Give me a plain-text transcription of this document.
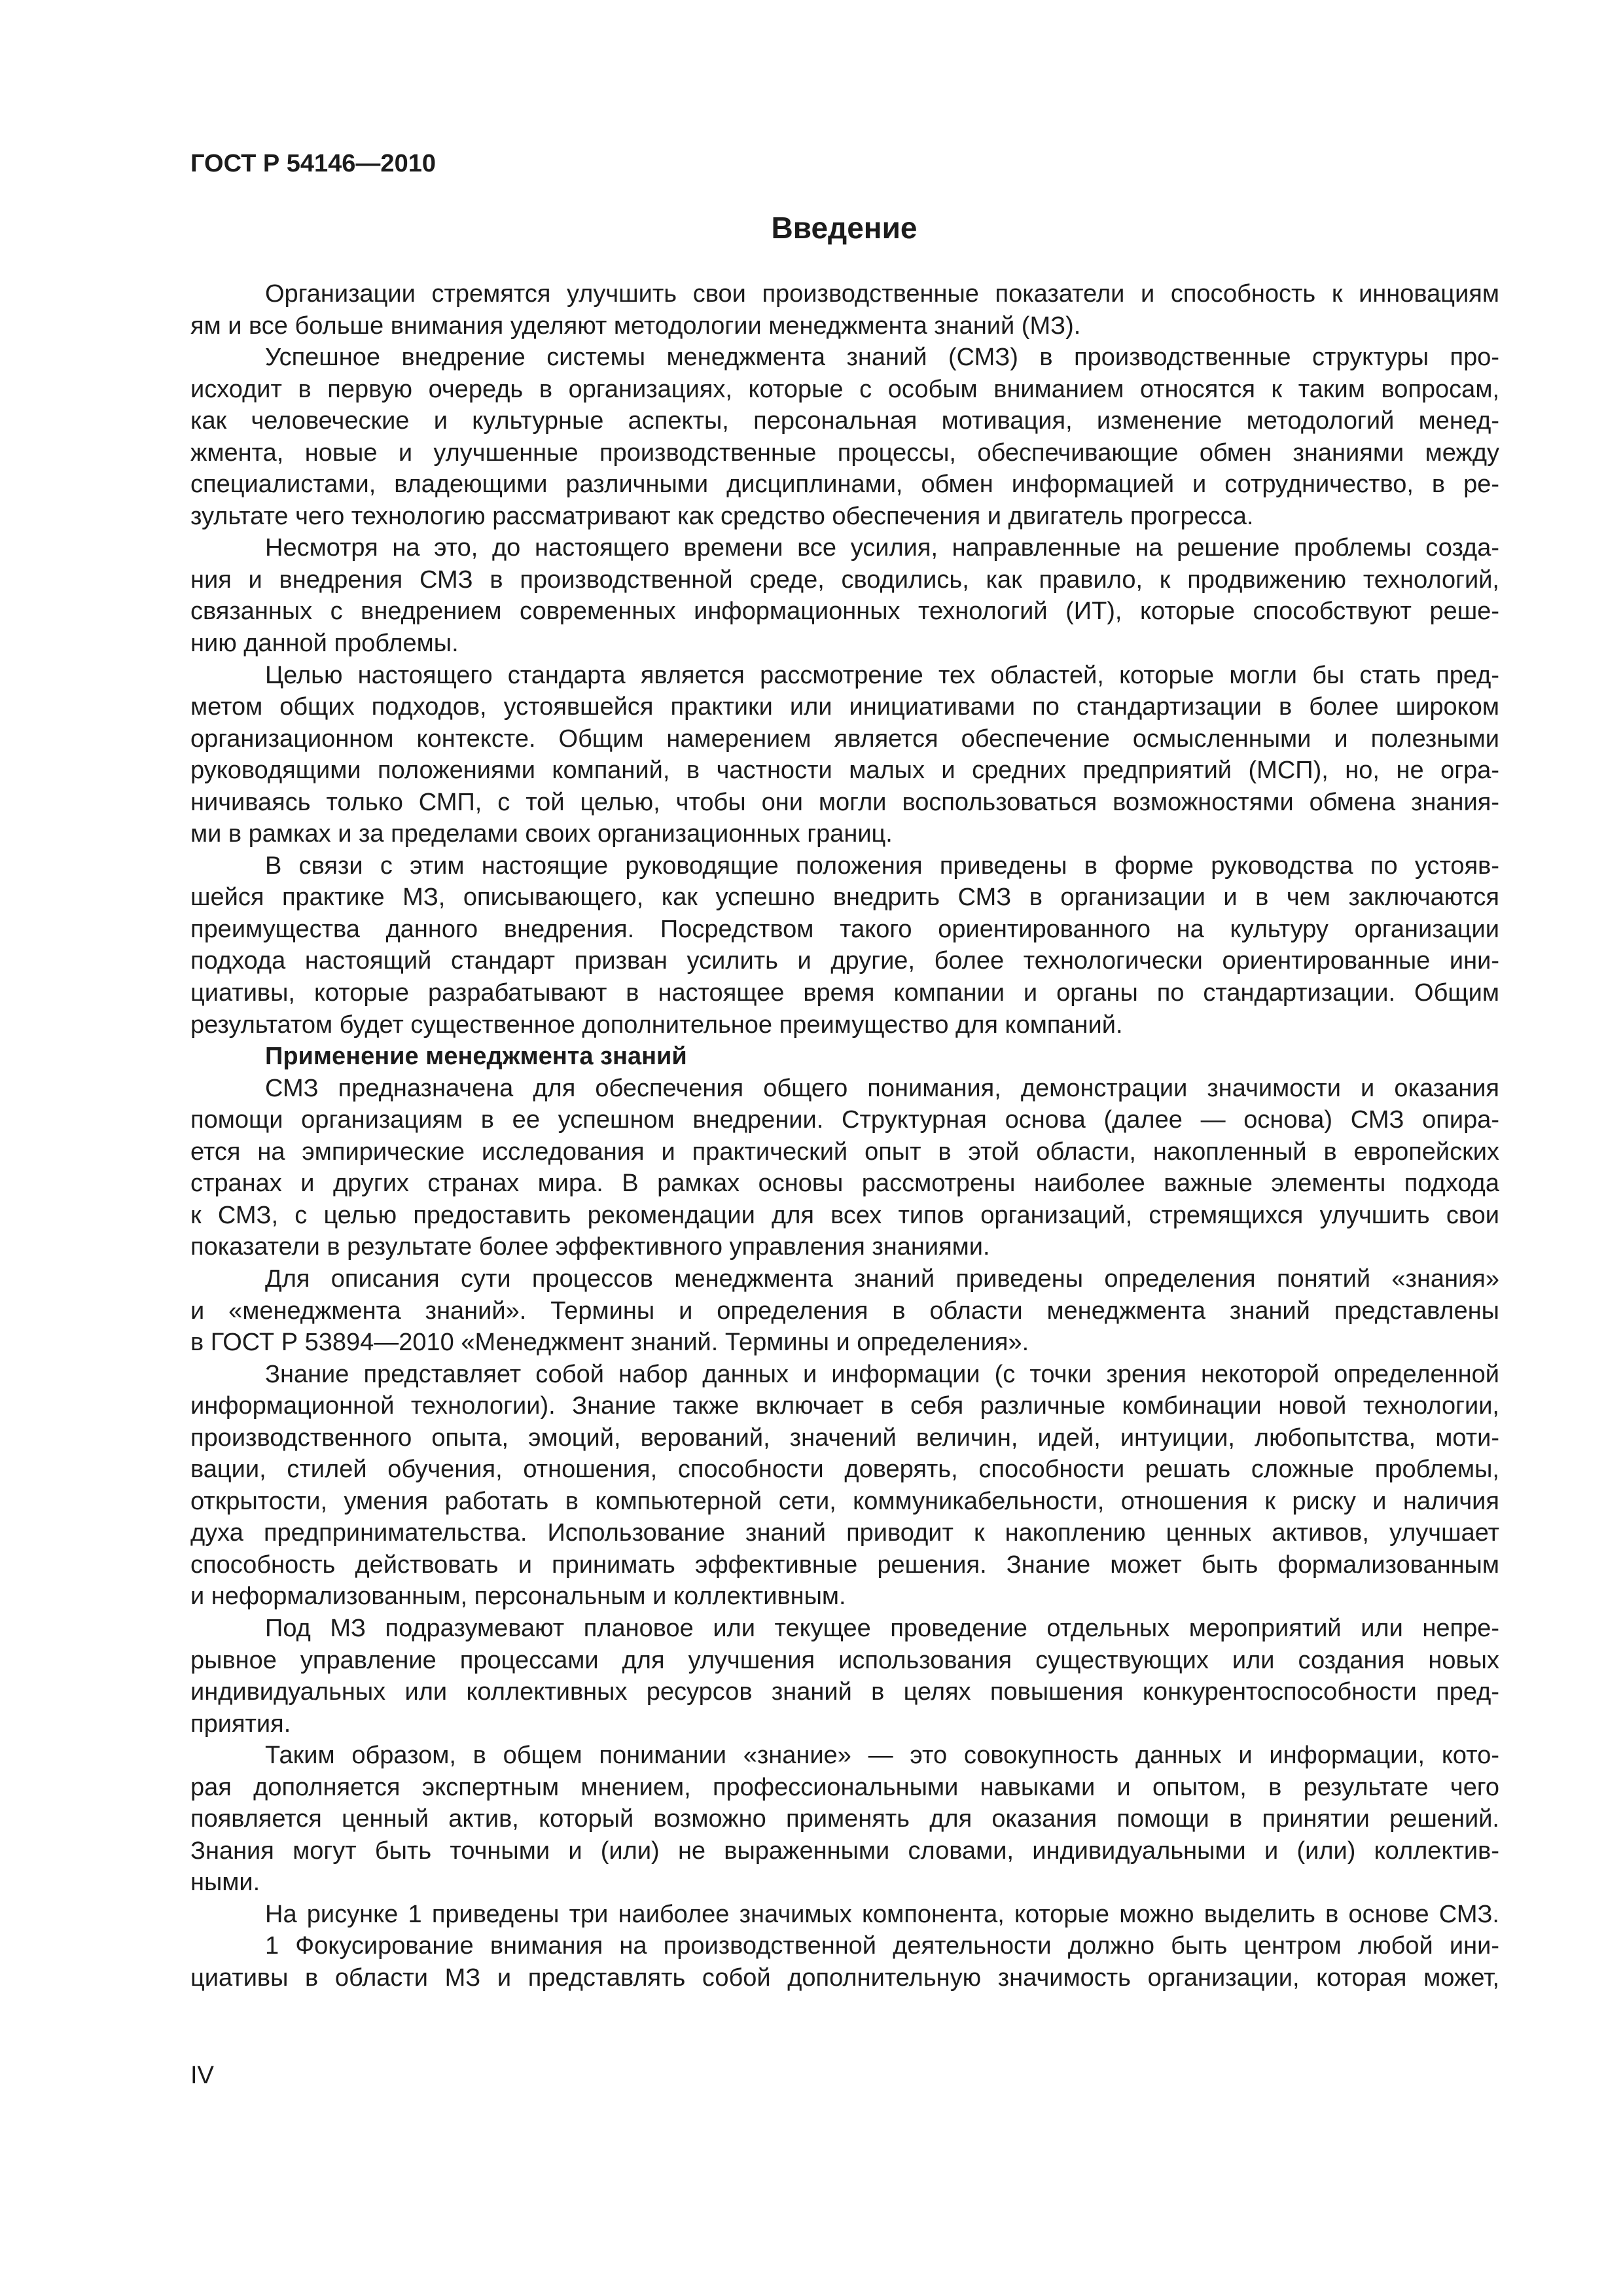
ГОСТ Р 54146—2010
Введение
Организации стремятся улучшить свои производственные показатели и способность к инновациям
ям и все больше внимания уделяют методологии менеджмента знаний (МЗ).
Успешное внедрение системы менеджмента знаний (СМЗ) в производственные структуры про-
исходит в первую очередь в организациях, которые с особым вниманием относятся к таким вопросам,
как человеческие и культурные аспекты, персональная мотивация, изменение методологий менед-
жмента, новые и улучшенные производственные процессы, обеспечивающие обмен знаниями между
специалистами, владеющими различными дисциплинами, обмен информацией и сотрудничество, в ре-
зультате чего технологию рассматривают как средство обеспечения и двигатель прогресса.
Несмотря на это, до настоящего времени все усилия, направленные на решение проблемы созда-
ния и внедрения СМЗ в производственной среде, сводились, как правило, к продвижению технологий,
связанных с внедрением современных информационных технологий (ИТ), которые способствуют реше-
нию данной проблемы.
Целью настоящего стандарта является рассмотрение тех областей, которые могли бы стать пред-
метом общих подходов, устоявшейся практики или инициативами по стандартизации в более широком
организационном контексте. Общим намерением является обеспечение осмысленными и полезными
руководящими положениями компаний, в частности малых и средних предприятий (МСП), но, не огра-
ничиваясь только СМП, с той целью, чтобы они могли воспользоваться возможностями обмена знания-
ми в рамках и за пределами своих организационных границ.
В связи с этим настоящие руководящие положения приведены в форме руководства по устояв-
шейся практике МЗ, описывающего, как успешно внедрить СМЗ в организации и в чем заключаются
преимущества данного внедрения. Посредством такого ориентированного на культуру организации
подхода настоящий стандарт призван усилить и другие, более технологически ориентированные ини-
циативы, которые разрабатывают в настоящее время компании и органы по стандартизации. Общим
результатом будет существенное дополнительное преимущество для компаний.
Применение менеджмента знаний
СМЗ предназначена для обеспечения общего понимания, демонстрации значимости и оказания
помощи организациям в ее успешном внедрении. Структурная основа (далее — основа) СМЗ опира-
ется на эмпирические исследования и практический опыт в этой области, накопленный в европейских
странах и других странах мира. В рамках основы рассмотрены наиболее важные элементы подхода
к СМЗ, с целью предоставить рекомендации для всех типов организаций, стремящихся улучшить свои
показатели в результате более эффективного управления знаниями.
Для описания сути процессов менеджмента знаний приведены определения понятий «знания»
и «менеджмента знаний». Термины и определения в области менеджмента знаний представлены
в ГОСТ Р 53894—2010 «Менеджмент знаний. Термины и определения».
Знание представляет собой набор данных и информации (с точки зрения некоторой определенной
информационной технологии). Знание также включает в себя различные комбинации новой технологии,
производственного опыта, эмоций, верований, значений величин, идей, интуиции, любопытства, моти-
вации, стилей обучения, отношения, способности доверять, способности решать сложные проблемы,
открытости, умения работать в компьютерной сети, коммуникабельности, отношения к риску и наличия
духа предпринимательства. Использование знаний приводит к накоплению ценных активов, улучшает
способность действовать и принимать эффективные решения. Знание может быть формализованным
и неформализованным, персональным и коллективным.
Под МЗ подразумевают плановое или текущее проведение отдельных мероприятий или непре-
рывное управление процессами для улучшения использования существующих или создания новых
индивидуальных или коллективных ресурсов знаний в целях повышения конкурентоспособности пред-
приятия.
Таким образом, в общем понимании «знание» — это совокупность данных и информации, кото-
рая дополняется экспертным мнением, профессиональными навыками и опытом, в результате чего
появляется ценный актив, который возможно применять для оказания помощи в принятии решений.
Знания могут быть точными и (или) не выраженными словами, индивидуальными и (или) коллектив-
ными.
На рисунке 1 приведены три наиболее значимых компонента, которые можно выделить в основе СМЗ.
1 Фокусирование внимания на производственной деятельности должно быть центром любой ини-
циативы в области МЗ и представлять собой дополнительную значимость организации, которая может,
IV
